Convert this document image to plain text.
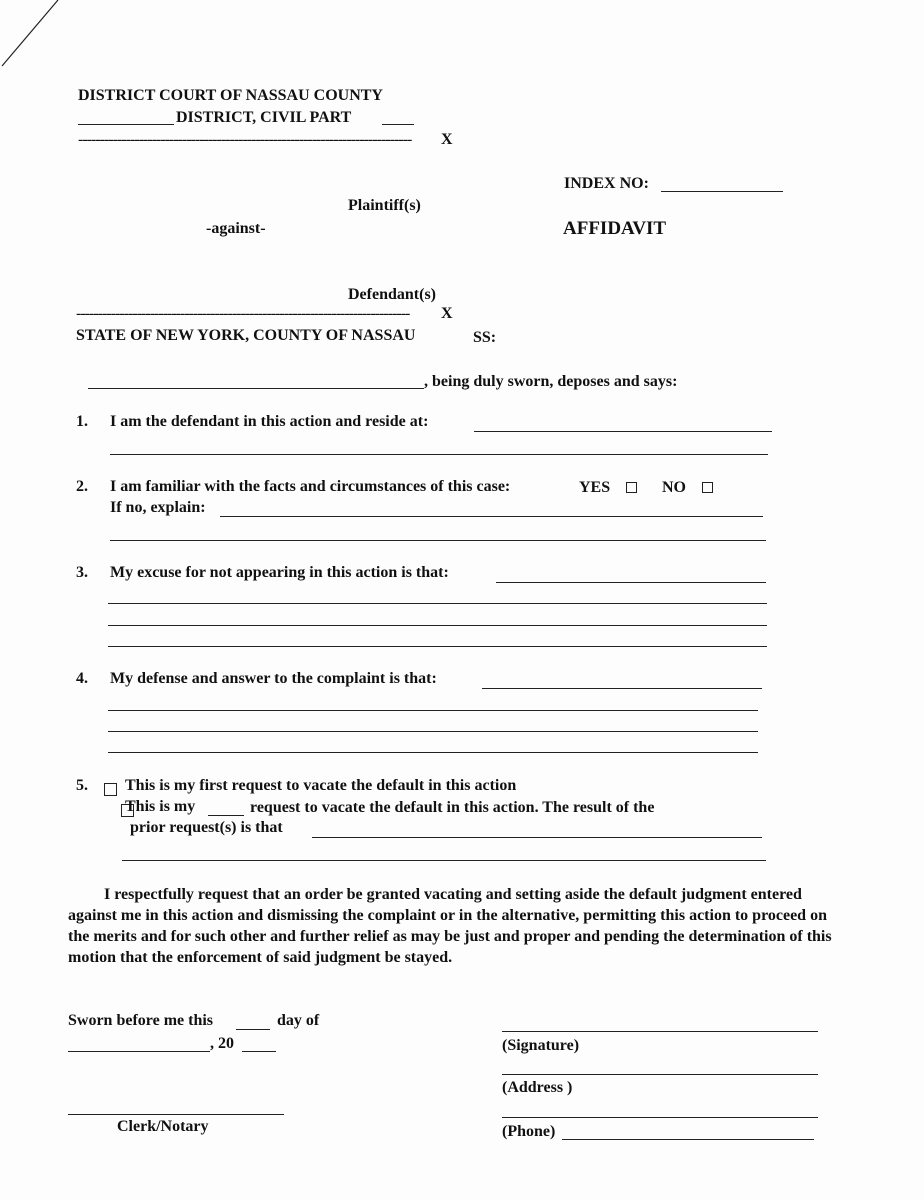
DISTRICT COURT OF NASSAU COUNTY
DISTRICT, CIVIL PART
----------------------------------------------------------------------------- X
INDEX NO:
Plaintiff(s)
-against-	AFFIDAVIT
Defendant(s)
----------------------------------------------------------------------------- X
STATE OF NEW YORK, COUNTY OF NASSAU	SS:
, being duly sworn, deposes and says:
1. I am the defendant in this action and reside at:
2. I am familiar with the facts and circumstances of this case:	YES	NO
If no, explain:
3. My excuse for not appearing in this action is that:
4. My defense and answer to the complaint is that:
5.
This is my first request to vacate the default in this action
This is my	request to vacate the default in this action. The result of the
prior request(s) is that
I respectfully request that an order be granted vacating and setting aside the default judgment entered against me in this action and dismissing the complaint or in the alternative, permitting this action to proceed on the merits and for such other and further relief as may be just and proper and pending the determination of this motion that the enforcement of said judgment be stayed.
Sworn before me this	day of
, 20
Clerk/Notary
(Signature)
(Address )
(Phone)
